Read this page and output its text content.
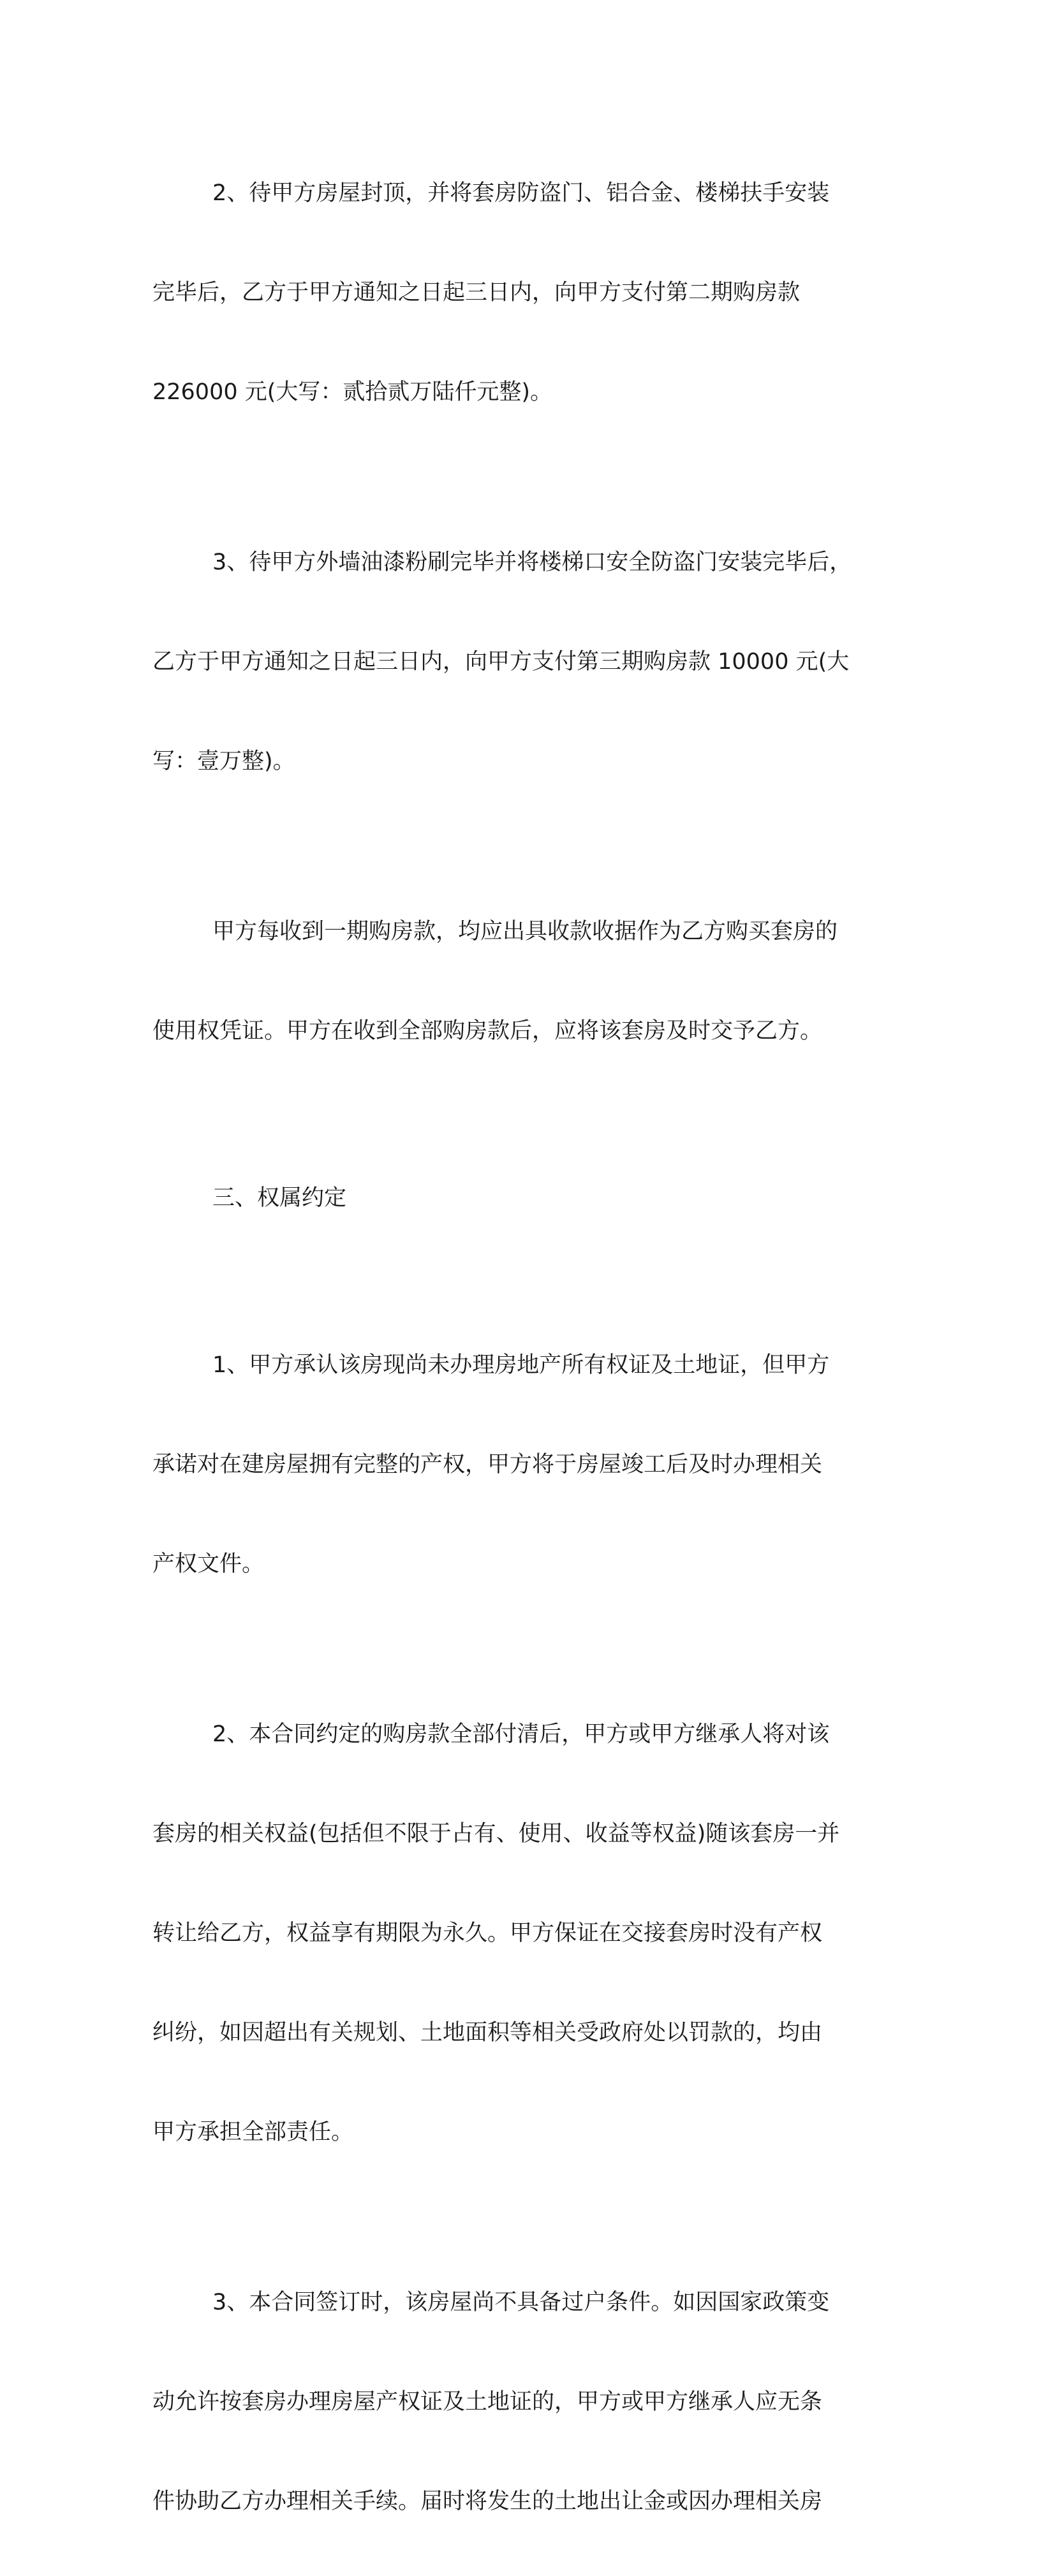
2、待甲方房屋封顶，并将套房防盗门、铝合金、楼梯扶手安装

完毕后，乙方于甲方通知之日起三日内，向甲方支付第二期购房款

226000 元(大写：贰拾贰万陆仟元整)。

3、待甲方外墙油漆粉刷完毕并将楼梯口安全防盗门安装完毕后，

乙方于甲方通知之日起三日内，向甲方支付第三期购房款 10000 元(大

写：壹万整)。

甲方每收到一期购房款，均应出具收款收据作为乙方购买套房的

使用权凭证。甲方在收到全部购房款后，应将该套房及时交予乙方。

三、权属约定

1、甲方承认该房现尚未办理房地产所有权证及土地证，但甲方

承诺对在建房屋拥有完整的产权，甲方将于房屋竣工后及时办理相关

产权文件。

2、本合同约定的购房款全部付清后，甲方或甲方继承人将对该

套房的相关权益(包括但不限于占有、使用、收益等权益)随该套房一并

转让给乙方，权益享有期限为永久。甲方保证在交接套房时没有产权

纠纷，如因超出有关规划、土地面积等相关受政府处以罚款的，均由

甲方承担全部责任。

3、本合同签订时，该房屋尚不具备过户条件。如因国家政策变

动允许按套房办理房屋产权证及土地证的，甲方或甲方继承人应无条

件协助乙方办理相关手续。届时将发生的土地出让金或因办理相关房
